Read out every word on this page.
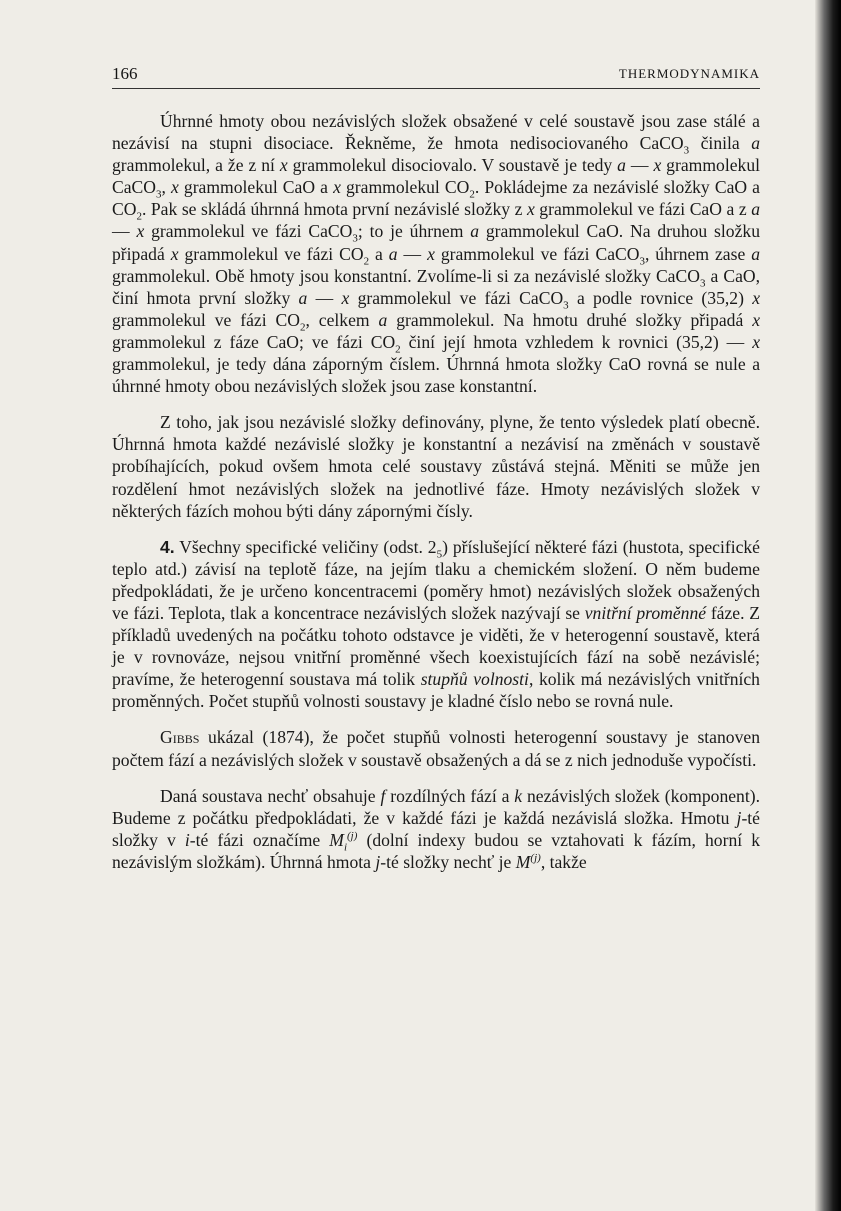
166	THERMODYNAMIKA

Úhrnné hmoty obou nezávislých složek obsažené v celé soustavě jsou zase stálé a nezávisí na stupni disociace. Řekněme, že hmota nedisociovaného CaCO$_3$ činila a grammolekul, a že z ní x grammolekul disociovalo. V soustavě je tedy a — x grammolekul CaCO$_3$, x grammolekul CaO a x grammolekul $CO_2$. Pokládejme za nezávislé složky CaO a $CO_2$. Pak se skládá úhrnná hmota první nezávislé složky z x grammolekul ve fázi CaO a z a — x grammolekul ve fázi CaCO$_3$; to je úhrnem a grammolekul CaO. Na druhou složku připadá x grammolekul ve fázi $CO_2$ a a — x grammolekul ve fázi CaCO$_3$, úhrnem zase a grammolekul. Obě hmoty jsou konstantní. Zvolíme-li si za nezávislé složky CaCO$_3$ a CaO, činí hmota první složky a — x grammolekul ve fázi CaCO$_3$ a podle rovnice (35,2) x grammolekul ve fázi $CO_2$, celkem a grammolekul. Na hmotu druhé složky připadá x grammolekul z fáze CaO; ve fázi $CO_2$ činí její hmota vzhledem k rovnici (35,2) — x grammolekul, je tedy dána záporným číslem. Úhrnná hmota složky CaO rovná se nule a úhrnné hmoty obou nezávislých složek jsou zase konstantní.

Z toho, jak jsou nezávislé složky definovány, plyne, že tento výsledek platí obecně. Úhrnná hmota každé nezávislé složky je konstantní a nezávisí na změnách v soustavě probíhajících, pokud ovšem hmota celé soustavy zůstává stejná. Měniti se může jen rozdělení hmot nezávislých složek na jednotlivé fáze. Hmoty nezávislých složek v některých fázích mohou býti dány zápornými čísly.

4. Všechny specifické veličiny (odst. $2_5$) příslušející některé fázi (hustota, specifické teplo atd.) závisí na teplotě fáze, na jejím tlaku a chemickém složení. O něm budeme předpokládati, že je určeno koncentracemi (poměry hmot) nezávislých složek obsažených ve fázi. Teplota, tlak a koncentrace nezávislých složek nazývají se vnitřní proměnné fáze. Z příkladů uvedených na počátku tohoto odstavce je viděti, že v heterogenní soustavě, která je v rovnováze, nejsou vnitřní proměnné všech koexistujících fází na sobě nezávislé; pravíme, že heterogenní soustava má tolik stupňů volnosti, kolik má nezávislých vnitřních proměnných. Počet stupňů volnosti soustavy je kladné číslo nebo se rovná nule.

Gibbs ukázal (1874), že počet stupňů volnosti heterogenní soustavy je stanoven počtem fází a nezávislých složek v soustavě obsažených a dá se z nich jednoduše vypočísti.

Daná soustava nechť obsahuje f rozdílných fází a k nezávislých složek (komponent). Budeme z počátku předpokládati, že v každé fázi je každá nezávislá složka. Hmotu j-té složky v i-té fázi označíme $M_i^{(j)}$ (dolní indexy budou se vztahovati k fázím, horní k nezávislým složkám). Úhrnná hmota j-té složky nechť je $M^{(j)}$, takže
